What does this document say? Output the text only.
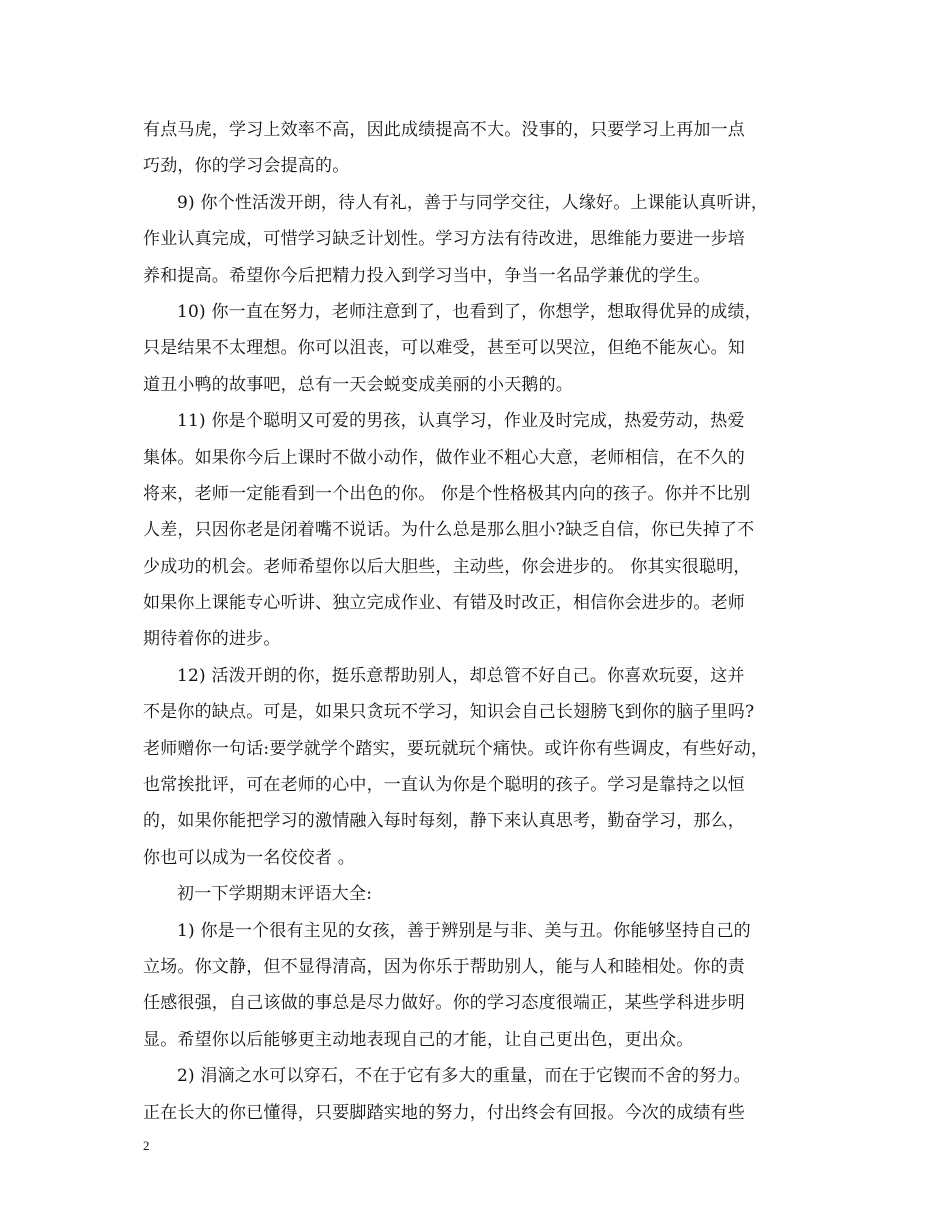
有点马虎，学习上效率不高，因此成绩提高不大。没事的，只要学习上再加一点
巧劲，你的学习会提高的。
9) 你个性活泼开朗，待人有礼，善于与同学交往，人缘好。上课能认真听讲，
作业认真完成，可惜学习缺乏计划性。学习方法有待改进，思维能力要进一步培
养和提高。希望你今后把精力投入到学习当中，争当一名品学兼优的学生。
10) 你一直在努力，老师注意到了，也看到了，你想学，想取得优异的成绩，
只是结果不太理想。你可以沮丧，可以难受，甚至可以哭泣，但绝不能灰心。知
道丑小鸭的故事吧，总有一天会蜕变成美丽的小天鹅的。
11) 你是个聪明又可爱的男孩，认真学习，作业及时完成，热爱劳动，热爱
集体。如果你今后上课时不做小动作，做作业不粗心大意，老师相信，在不久的
将来，老师一定能看到一个出色的你。 你是个性格极其内向的孩子。你并不比别
人差，只因你老是闭着嘴不说话。为什么总是那么胆小?缺乏自信，你已失掉了不
少成功的机会。老师希望你以后大胆些，主动些，你会进步的。 你其实很聪明，
如果你上课能专心听讲、独立完成作业、有错及时改正，相信你会进步的。老师
期待着你的进步。
12) 活泼开朗的你，挺乐意帮助别人，却总管不好自己。你喜欢玩耍，这并
不是你的缺点。可是，如果只贪玩不学习，知识会自己长翅膀飞到你的脑子里吗?
老师赠你一句话:要学就学个踏实，要玩就玩个痛快。或许你有些调皮，有些好动，
也常挨批评，可在老师的心中，一直认为你是个聪明的孩子。学习是靠持之以恒
的，如果你能把学习的激情融入每时每刻，静下来认真思考，勤奋学习，那么，
你也可以成为一名佼佼者 。
初一下学期期末评语大全:
1) 你是一个很有主见的女孩，善于辨别是与非、美与丑。你能够坚持自己的
立场。你文静，但不显得清高，因为你乐于帮助别人，能与人和睦相处。你的责
任感很强，自己该做的事总是尽力做好。你的学习态度很端正，某些学科进步明
显。希望你以后能够更主动地表现自己的才能，让自己更出色，更出众。
2) 涓滴之水可以穿石，不在于它有多大的重量，而在于它锲而不舍的努力。
正在长大的你已懂得，只要脚踏实地的努力，付出终会有回报。今次的成绩有些
2
